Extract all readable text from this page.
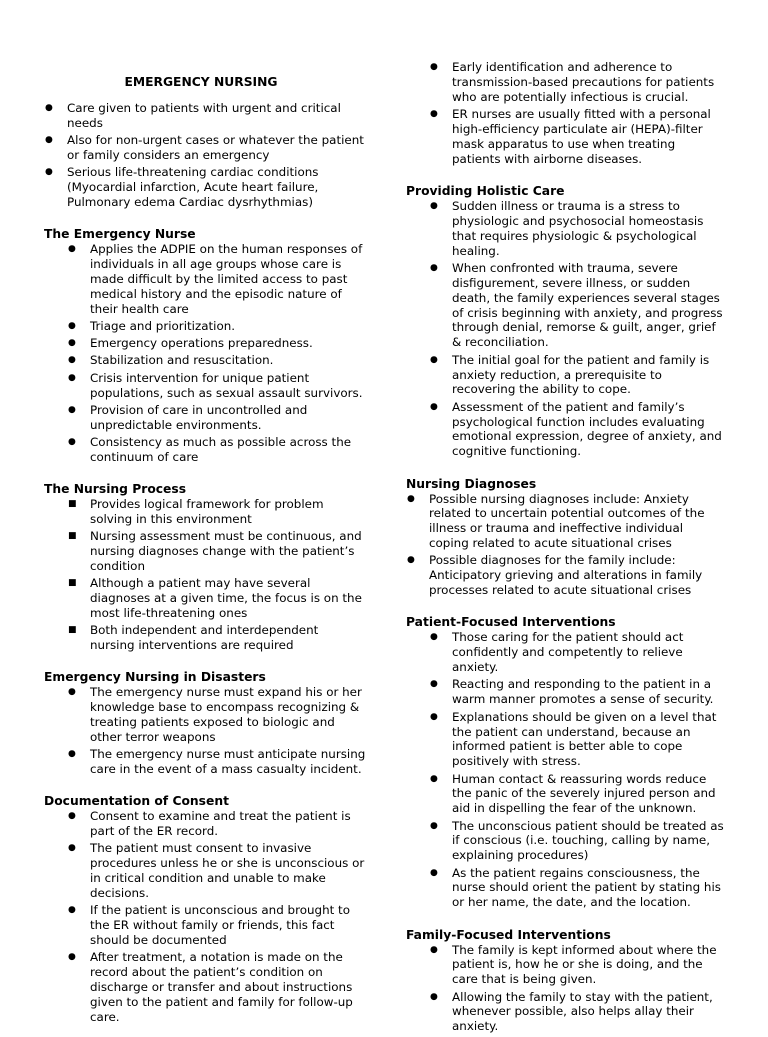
EMERGENCY NURSING
● Care given to patients with urgent and critical needs
● Also for non-urgent cases or whatever the patient or family considers an emergency
● Serious life-threatening cardiac conditions (Myocardial infarction, Acute heart failure, Pulmonary edema Cardiac dysrhythmias)
The Emergency Nurse
● Applies the ADPIE on the human responses of individuals in all age groups whose care is made difficult by the limited access to past medical history and the episodic nature of their health care
● Triage and prioritization.
● Emergency operations preparedness.
● Stabilization and resuscitation.
● Crisis intervention for unique patient populations, such as sexual assault survivors.
● Provision of care in uncontrolled and unpredictable environments.
● Consistency as much as possible across the continuum of care
The Nursing Process
■ Provides logical framework for problem solving in this environment
■ Nursing assessment must be continuous, and nursing diagnoses change with the patient’s condition
■ Although a patient may have several diagnoses at a given time, the focus is on the most life-threatening ones
■ Both independent and interdependent nursing interventions are required
Emergency Nursing in Disasters
● The emergency nurse must expand his or her knowledge base to encompass recognizing & treating patients exposed to biologic and other terror weapons
● The emergency nurse must anticipate nursing care in the event of a mass casualty incident.
Documentation of Consent
● Consent to examine and treat the patient is part of the ER record.
● The patient must consent to invasive procedures unless he or she is unconscious or in critical condition and unable to make decisions.
● If the patient is unconscious and brought to the ER without family or friends, this fact should be documented
● After treatment, a notation is made on the record about the patient’s condition on discharge or transfer and about instructions given to the patient and family for follow-up care.
● Early identification and adherence to transmission-based precautions for patients who are potentially infectious is crucial.
● ER nurses are usually fitted with a personal high-efficiency particulate air (HEPA)-filter mask apparatus to use when treating patients with airborne diseases.
Providing Holistic Care
● Sudden illness or trauma is a stress to physiologic and psychosocial homeostasis that requires physiologic & psychological healing.
● When confronted with trauma, severe disfigurement, severe illness, or sudden death, the family experiences several stages of crisis beginning with anxiety, and progress through denial, remorse & guilt, anger, grief & reconciliation.
● The initial goal for the patient and family is anxiety reduction, a prerequisite to recovering the ability to cope.
● Assessment of the patient and family’s psychological function includes evaluating emotional expression, degree of anxiety, and cognitive functioning.
Nursing Diagnoses
● Possible nursing diagnoses include: Anxiety related to uncertain potential outcomes of the illness or trauma and ineffective individual coping related to acute situational crises
● Possible diagnoses for the family include: Anticipatory grieving and alterations in family processes related to acute situational crises
Patient-Focused Interventions
● Those caring for the patient should act confidently and competently to relieve anxiety.
● Reacting and responding to the patient in a warm manner promotes a sense of security.
● Explanations should be given on a level that the patient can understand, because an informed patient is better able to cope positively with stress.
● Human contact & reassuring words reduce the panic of the severely injured person and aid in dispelling the fear of the unknown.
● The unconscious patient should be treated as if conscious (i.e. touching, calling by name, explaining procedures)
● As the patient regains consciousness, the nurse should orient the patient by stating his or her name, the date, and the location.
Family-Focused Interventions
● The family is kept informed about where the patient is, how he or she is doing, and the care that is being given.
● Allowing the family to stay with the patient, whenever possible, also helps allay their anxiety.
